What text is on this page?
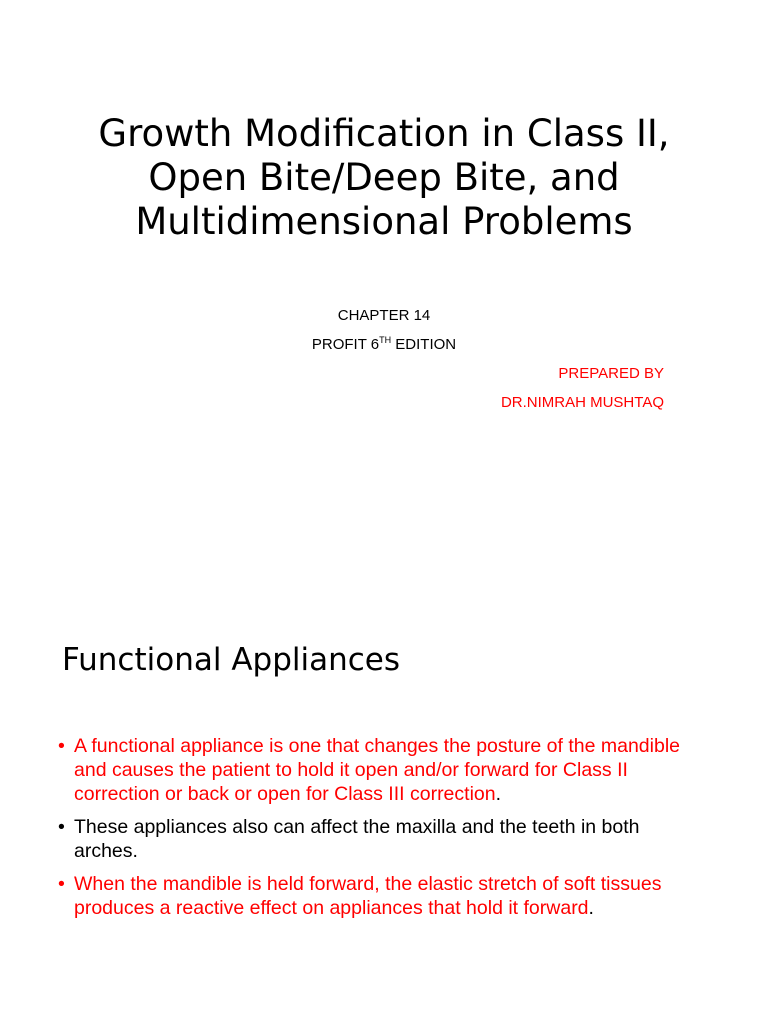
Growth Modification in Class II, Open Bite/Deep Bite, and Multidimensional Problems
CHAPTER 14
PROFIT 6TH EDITION
PREPARED BY
DR.NIMRAH MUSHTAQ
Functional Appliances
• A functional appliance is one that changes the posture of the mandible and causes the patient to hold it open and/or forward for Class II correction or back or open for Class III correction.
• These appliances also can affect the maxilla and the teeth in both arches.
• When the mandible is held forward, the elastic stretch of soft tissues produces a reactive effect on appliances that hold it forward.
